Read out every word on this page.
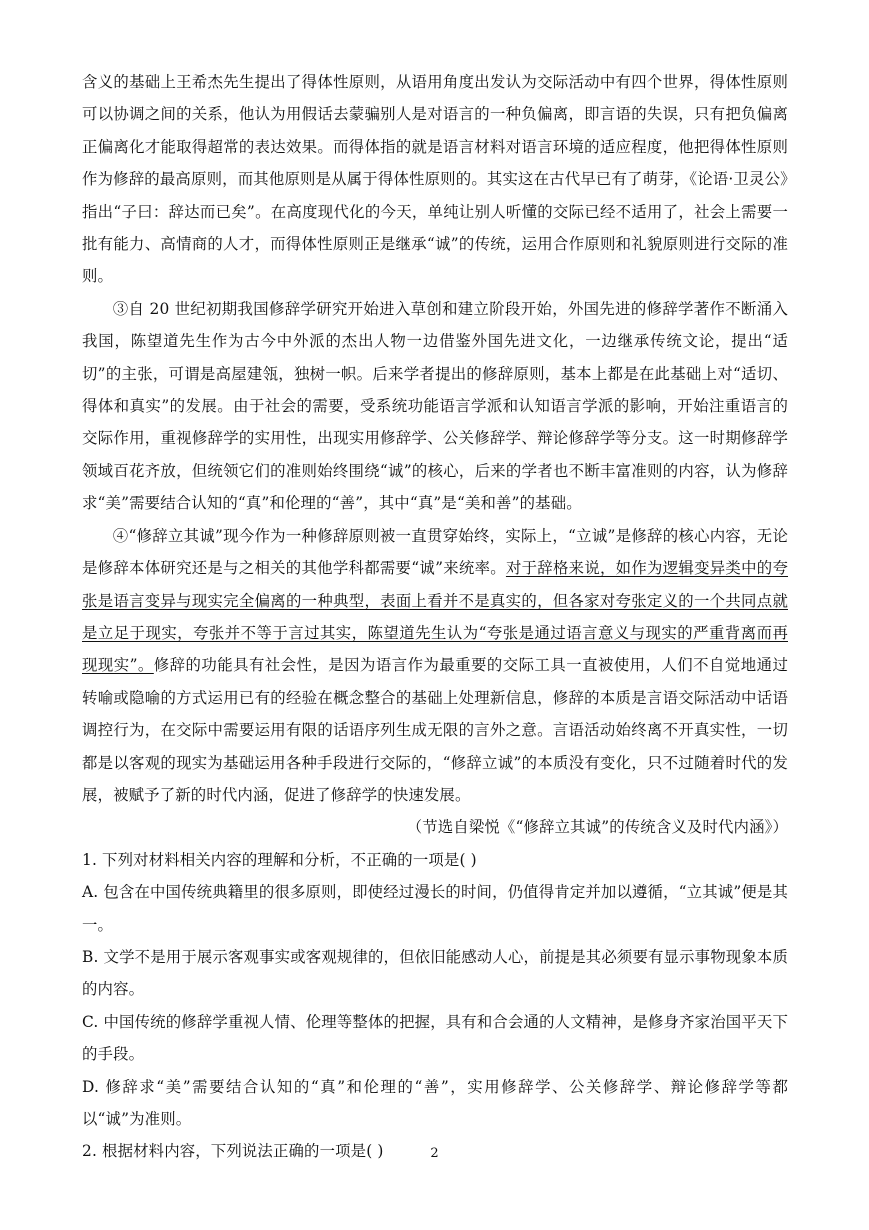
含义的基础上王希杰先生提出了得体性原则，从语用角度出发认为交际活动中有四个世界，得体性原则可以协调之间的关系，他认为用假话去蒙骗别人是对语言的一种负偏离，即言语的失误，只有把负偏离正偏离化才能取得超常的表达效果。而得体指的就是语言材料对语言环境的适应程度，他把得体性原则作为修辞的最高原则，而其他原则是从属于得体性原则的。其实这在古代早已有了萌芽，《论语·卫灵公》指出“子曰：辞达而已矣”。在高度现代化的今天，单纯让别人听懂的交际已经不适用了，社会上需要一批有能力、高情商的人才，而得体性原则正是继承“诚”的传统，运用合作原则和礼貌原则进行交际的准则。

③自 20 世纪初期我国修辞学研究开始进入草创和建立阶段开始，外国先进的修辞学著作不断涌入我国，陈望道先生作为古今中外派的杰出人物一边借鉴外国先进文化，一边继承传统文论，提出“适切”的主张，可谓是高屋建瓴，独树一帜。后来学者提出的修辞原则，基本上都是在此基础上对“适切、得体和真实”的发展。由于社会的需要，受系统功能语言学派和认知语言学派的影响，开始注重语言的交际作用，重视修辞学的实用性，出现实用修辞学、公关修辞学、辩论修辞学等分支。这一时期修辞学领域百花齐放，但统领它们的准则始终围绕“诚”的核心，后来的学者也不断丰富准则的内容，认为修辞求“美”需要结合认知的“真”和伦理的“善”，其中“真”是“美和善”的基础。

④“修辞立其诚”现今作为一种修辞原则被一直贯穿始终，实际上，“立诚”是修辞的核心内容，无论是修辞本体研究还是与之相关的其他学科都需要“诚”来统率。对于辞格来说，如作为逻辑变异类中的夸张是语言变异与现实完全偏离的一种典型，表面上看并不是真实的，但各家对夸张定义的一个共同点就是立足于现实，夸张并不等于言过其实，陈望道先生认为“夸张是通过语言意义与现实的严重背离而再现现实”。修辞的功能具有社会性，是因为语言作为最重要的交际工具一直被使用，人们不自觉地通过转喻或隐喻的方式运用已有的经验在概念整合的基础上处理新信息，修辞的本质是言语交际活动中话语调控行为，在交际中需要运用有限的话语序列生成无限的言外之意。言语活动始终离不开真实性，一切都是以客观的现实为基础运用各种手段进行交际的，“修辞立诚”的本质没有变化，只不过随着时代的发展，被赋予了新的时代内涵，促进了修辞学的快速发展。

（节选自梁悦《“修辞立其诚”的传统含义及时代内涵》）

1. 下列对材料相关内容的理解和分析，不正确的一项是( )

A. 包含在中国传统典籍里的很多原则，即使经过漫长的时间，仍值得肯定并加以遵循，“立其诚”便是其一。

B. 文学不是用于展示客观事实或客观规律的，但依旧能感动人心，前提是其必须要有显示事物现象本质的内容。

C. 中国传统的修辞学重视人情、伦理等整体的把握，具有和合会通的人文精神，是修身齐家治国平天下的手段。

D. 修辞求“美”需要结合认知的“真”和伦理的“善”，实用修辞学、公关修辞学、辩论修辞学等都以“诚”为准则。

2. 根据材料内容，下列说法正确的一项是( )	2
